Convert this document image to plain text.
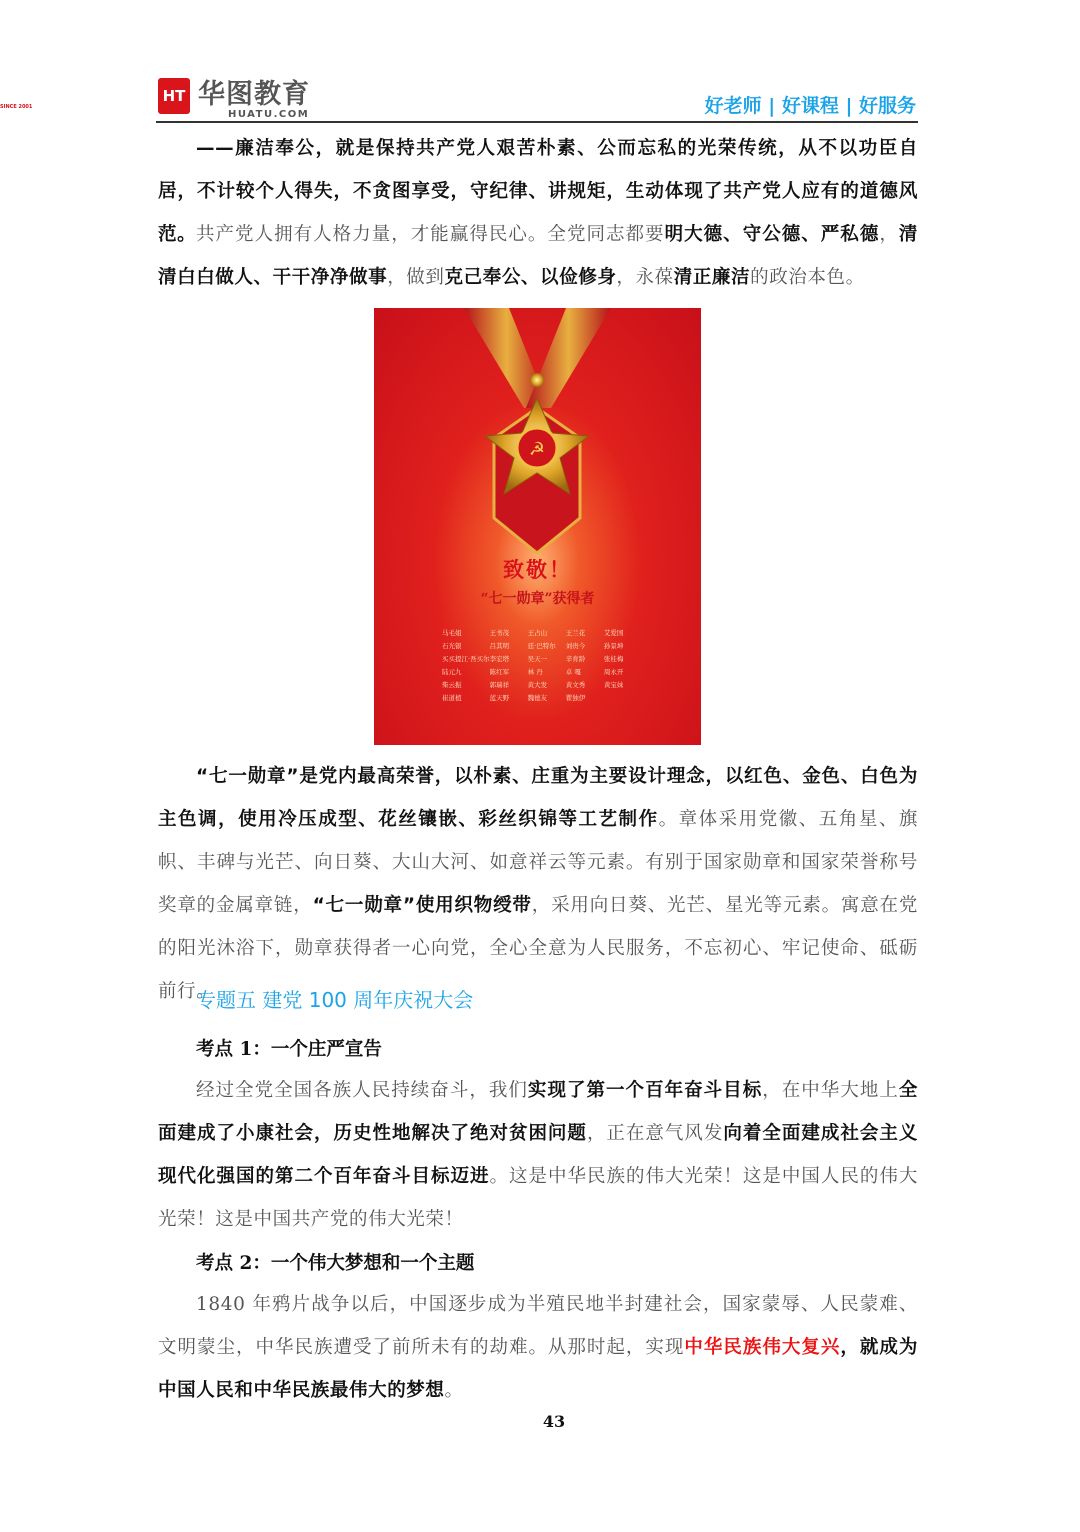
HT 华图教育
HUATU.COM
SINCE 2001	好老师 | 好课程 | 好服务
——廉洁奉公，就是保持共产党人艰苦朴素、公而忘私的光荣传统，从不以功臣自居，不计较个人得失，不贪图享受，守纪律、讲规矩，生动体现了共产党人应有的道德风范。 共产党人拥有人格力量，才能赢得民心。全党同志都要明大德、守公德、严私德，清清白白做人、干干净净做事，做到克己奉公、以俭修身，永葆清正廉洁的政治本色。
☭
致敬！
“七一勋章”获得者
马毛姐	王书茂	王占山	王兰花	艾爱国
石光银	吕其明	廷·巴特尔	刘贵今	孙景坤
买买提江·吾买尔 李宏塔	吴天一	辛育龄	张桂梅
陆元九	陈红军	林 丹	卓 嘎	周永开
柴云振	郭瑞祥	黄大发	黄文秀	黄宝妹
崔道植	蓝天野	魏德友	瞿独伊
“七一勋章”是党内最高荣誉，以朴素、庄重为主要设计理念，以红色、金色、白色为主色调，使用冷压成型、花丝镶嵌、彩丝织锦等工艺制作。章体采用党徽、五角星、旗帜、丰碑与光芒、向日葵、大山大河、如意祥云等元素。有别于国家勋章和国家荣誉称号奖章的金属章链，“七一勋章”使用织物绶带，采用向日葵、光芒、星光等元素。寓意在党的阳光沐浴下，勋章获得者一心向党，全心全意为人民服务，不忘初心、牢记使命、砥砺前行。
专题五 建党 100 周年庆祝大会
考点 1：一个庄严宣告
经过全党全国各族人民持续奋斗，我们实现了第一个百年奋斗目标，在中华大地上全面建成了小康社会，历史性地解决了绝对贫困问题，正在意气风发向着全面建成社会主义现代化强国的第二个百年奋斗目标迈进。这是中华民族的伟大光荣！这是中国人民的伟大光荣！这是中国共产党的伟大光荣！
考点 2：一个伟大梦想和一个主题
1840 年鸦片战争以后，中国逐步成为半殖民地半封建社会，国家蒙辱、人民蒙难、文明蒙尘，中华民族遭受了前所未有的劫难。从那时起，实现中华民族伟大复兴，就成为中国人民和中华民族最伟大的梦想。
43
